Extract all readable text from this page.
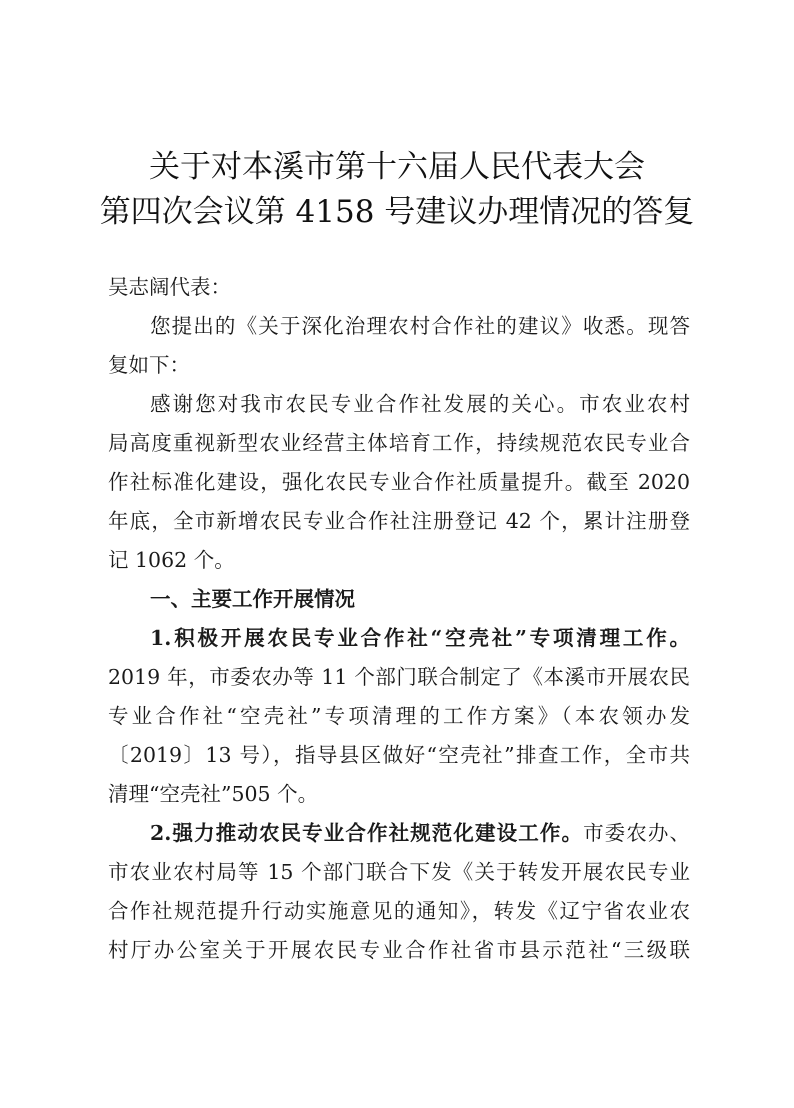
关于对本溪市第十六届人民代表大会
第四次会议第 4158 号建议办理情况的答复
吴志阔代表：
您提出的《关于深化治理农村合作社的建议》收悉。现答
复如下：
感谢您对我市农民专业合作社发展的关心。市农业农村
局高度重视新型农业经营主体培育工作，持续规范农民专业合
作社标准化建设，强化农民专业合作社质量提升。截至 2020
年底，全市新增农民专业合作社注册登记 42 个，累计注册登
记 1062 个。
一、主要工作开展情况
1.积极开展农民专业合作社“空壳社”专项清理工作。
2019 年，市委农办等 11 个部门联合制定了《本溪市开展农民
专业合作社“空壳社”专项清理的工作方案》（本农领办发
〔2019〕13 号），指导县区做好“空壳社”排查工作，全市共
清理“空壳社”505 个。
2.强力推动农民专业合作社规范化建设工作。市委农办、
市农业农村局等 15 个部门联合下发《关于转发开展农民专业
合作社规范提升行动实施意见的通知》，转发《辽宁省农业农
村厅办公室关于开展农民专业合作社省市县示范社“三级联
